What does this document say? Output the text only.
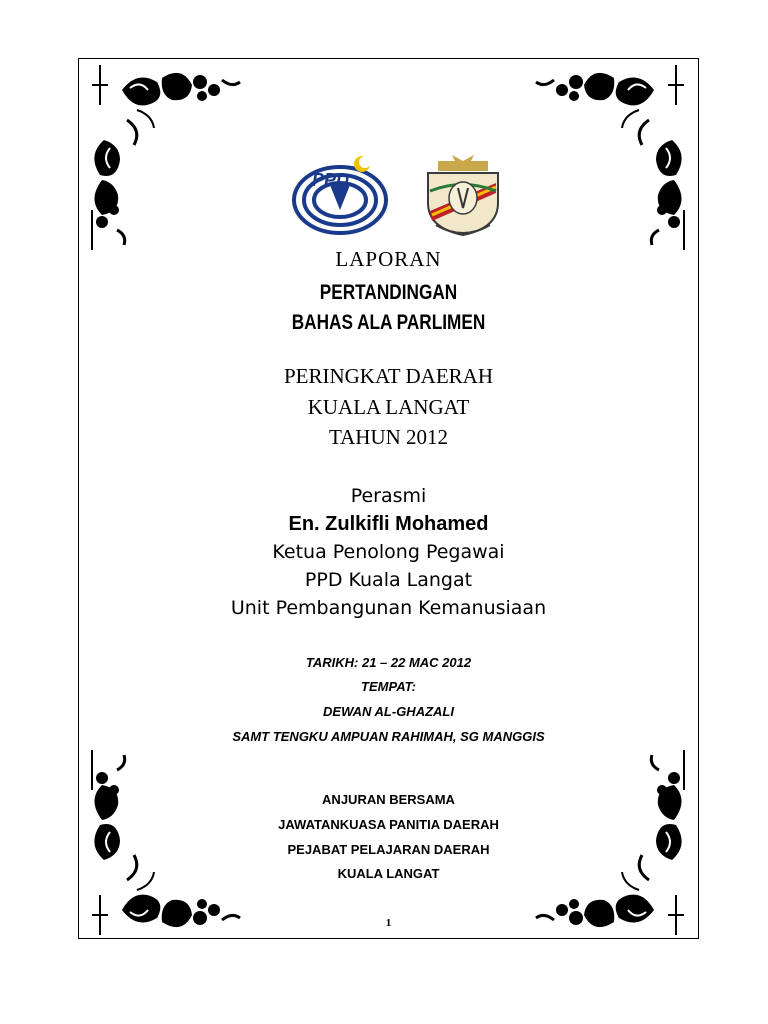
PPD
LAPORAN
PERTANDINGAN
BAHAS ALA PARLIMEN
PERINGKAT DAERAH
KUALA LANGAT
TAHUN 2012
Perasmi
En. Zulkifli Mohamed
Ketua Penolong Pegawai
PPD Kuala Langat
Unit Pembangunan Kemanusiaan
TARIKH: 21 – 22 MAC 2012
TEMPAT:
DEWAN AL-GHAZALI
SAMT TENGKU AMPUAN RAHIMAH, SG MANGGIS
ANJURAN BERSAMA
JAWATANKUASA PANITIA DAERAH
PEJABAT PELAJARAN DAERAH
KUALA LANGAT
1
